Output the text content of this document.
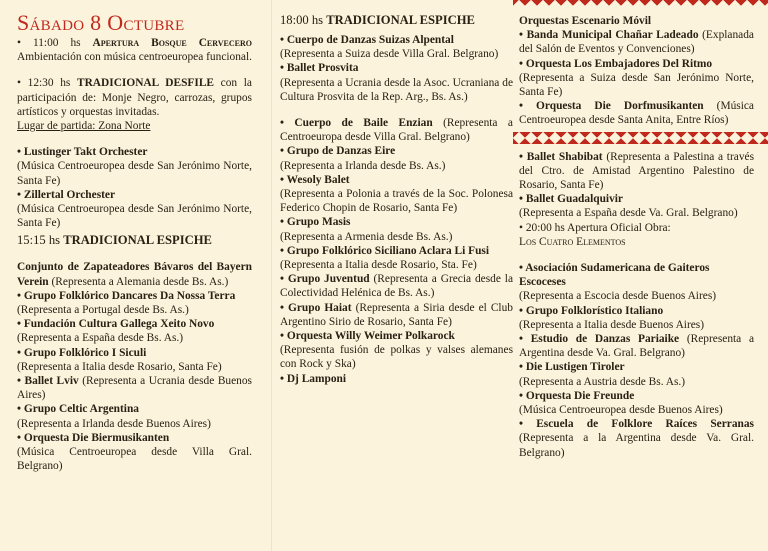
Sábado 8 Octubre

• 11:00 hs Apertura Bosque Cervecero Ambientación con música centroeuropea funcional.

• 12:30 hs TRADICIONAL DESFILE con la participación de: Monje Negro, carrozas, grupos artísticos y orquestas invitadas.

Lugar de partida: Zona Norte

• Lustinger Takt Orchester
(Música Centroeuropea desde San Jerónimo Norte, Santa Fe)

• Zillertal Orchester
(Música Centroeuropea desde San Jerónimo Norte, Santa Fe)

15:15 hs TRADICIONAL ESPICHE

Conjunto de Zapateadores Bávaros del Bayern Verein (Representa a Alemania desde Bs. As.)

• Grupo Folklórico Dancares Da Nossa Terra
(Representa a Portugal desde Bs. As.)

• Fundación Cultura Gallega Xeito Novo
(Representa a España desde Bs. As.)

• Grupo Folklórico I Siculi
(Representa a Italia desde Rosario, Santa Fe)

• Ballet Lviv (Representa a Ucrania desde Buenos Aires)

• Grupo Celtic Argentina
(Representa a Irlanda desde Buenos Aires)

• Orquesta Die Biermusikanten
(Música Centroeuropea desde Villa Gral. Belgrano)

18:00 hs TRADICIONAL ESPICHE

• Cuerpo de Danzas Suizas Alpental
(Representa a Suiza desde Villa Gral. Belgrano)

• Ballet Prosvita
(Representa a Ucrania desde la Asoc. Ucraniana de Cultura Prosvita de la Rep. Arg., Bs. As.)

• Cuerpo de Baile Enzian (Representa a Centroeuropa desde Villa Gral. Belgrano)

• Grupo de Danzas Eire
(Representa a Irlanda desde Bs. As.)

• Wesoly Balet
(Representa a Polonia a través de la Soc. Polonesa Federico Chopin de Rosario, Santa Fe)

• Grupo Masis
(Representa a Armenia desde Bs. As.)

• Grupo Folklórico Siciliano Aclara Li Fusi
(Representa a Italia desde Rosario, Sta. Fe)

• Grupo Juventud (Representa a Grecia desde la Colectividad Helénica de Bs. As.)

• Grupo Haiat (Representa a Siria desde el Club Argentino Sirio de Rosario, Santa Fe)

• Orquesta Willy Weimer Polkarock
(Representa fusión de polkas y valses alemanes con Rock y Ska)

• Dj Lamponi

Orquestas Escenario Móvil

• Banda Municipal Chañar Ladeado (Explanada del Salón de Eventos y Convenciones)

• Orquesta Los Embajadores Del Ritmo
(Representa a Suiza desde San Jerónimo Norte, Santa Fe)

• Orquesta Die Dorfmusikanten (Música Centroeuropea desde Santa Anita, Entre Ríos)

• Ballet Shabibat (Representa a Palestina a través del Ctro. de Amistad Argentino Palestino de Rosario, Santa Fe)

• Ballet Guadalquivir
(Representa a España desde Va. Gral. Belgrano)

• 20:00 hs Apertura Oficial Obra:

Los Cuatro Elementos

• Asociación Sudamericana de Gaiteros Escoceses
(Representa a Escocia desde Buenos Aires)

• Grupo Folklorístico Italiano
(Representa a Italia desde Buenos Aires)

• Estudio de Danzas Pariaike (Representa a Argentina desde Va. Gral. Belgrano)

• Die Lustigen Tiroler
(Representa a Austria desde Bs. As.)

• Orquesta Die Freunde
(Música Centroeuropea desde Buenos Aires)

• Escuela de Folklore Raíces Serranas (Representa a la Argentina desde Va. Gral. Belgrano)
